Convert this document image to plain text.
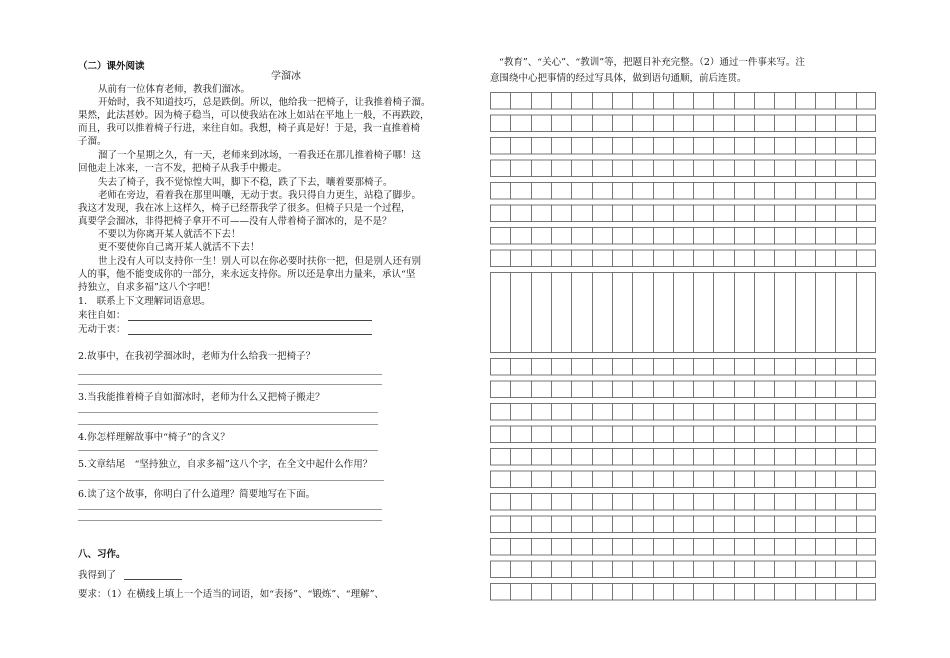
（二）课外阅读
学溜冰
从前有一位体育老师，教我们溜冰。
开始时，我不知道技巧，总是跌倒。所以，他给我一把椅子，让我推着椅子溜。
果然，此法甚妙。因为椅子稳当，可以使我站在冰上如站在平地上一般，不再跌跤，
而且，我可以推着椅子行进，来往自如。我想，椅子真是好！于是，我一直推着椅
子溜。
溜了一个星期之久，有一天，老师来到冰场，一看我还在那儿推着椅子哪！这
回他走上冰来，一言不发，把椅子从我手中搬走。
失去了椅子，我不觉惊惶大叫，脚下不稳，跌了下去，嚷着要那椅子。
老师在旁边，看着我在那里叫嚷，无动于衷。我只得自力更生，站稳了脚步。
我这才发现，我在冰上这样久，椅子已经帮我学了很多。但椅子只是一个过程，
真要学会溜冰，非得把椅子拿开不可——没有人带着椅子溜冰的，是不是？
不要以为你离开某人就活不下去！
更不要使你自己离开某人就活不下去！
世上没有人可以支持你一生！别人可以在你必要时扶你一把，但是别人还有别
人的事，他不能变成你的一部分，来永远支持你。所以还是拿出力量来，承认“坚
持独立，自求多福”这八个字吧！
1.　联系上下文理解词语意思。
来往自如：
无动于衷：
2.故事中，在我初学溜冰时，老师为什么给我一把椅子？
3.当我能推着椅子自如溜冰时，老师为什么又把椅子搬走？
4.你怎样理解故事中“椅子”的含义？
5.文章结尾　“坚持独立，自求多福”这八个字，在全文中起什么作用？
6.读了这个故事，你明白了什么道理？简要地写在下面。
八、习作。
我得到了
要求：（1）在横线上填上一个适当的词语，如“表扬”、“锻炼”、“理解”、
“教育”、“关心”、“教训”等，把题目补充完整。（2）通过一件事来写。注
意围绕中心把事情的经过写具体，做到语句通顺，前后连贯。
